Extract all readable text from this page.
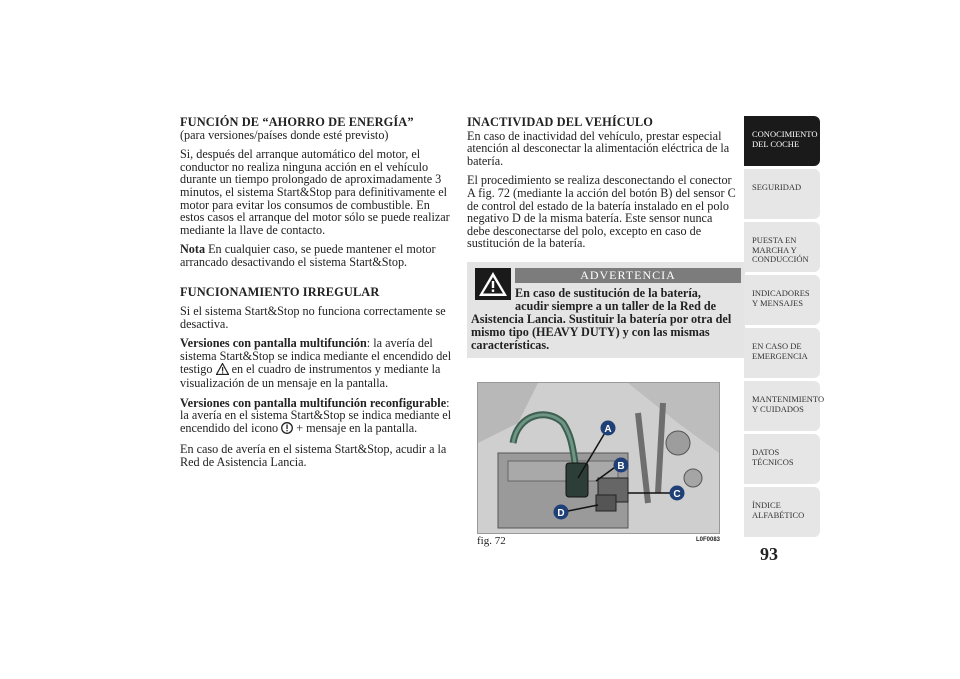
FUNCIÓN DE “AHORRO DE ENERGÍA”

(para versiones/países donde esté previsto)

Si, después del arranque automático del motor, el conductor no realiza ninguna acción en el vehículo durante un tiempo prolongado de aproximadamente 3 minutos, el sistema Start&Stop para definitivamente el motor para evitar los consumos de combustible. En estos casos el arranque del motor sólo se puede realizar mediante la llave de contacto.

Nota En cualquier caso, se puede mantener el motor arrancado desactivando el sistema Start&Stop.

FUNCIONAMIENTO IRREGULAR

Si el sistema Start&Stop no funciona correctamente se desactiva.

Versiones con pantalla multifunción: la avería del sistema Start&Stop se indica mediante el encendido del testigo  en el cuadro de instrumentos y mediante la visualización de un mensaje en la pantalla.

Versiones con pantalla multifunción reconfigurable: la avería en el sistema Start&Stop se indica mediante el encendido del icono  + mensaje en la pantalla.

En caso de avería en el sistema Start&Stop, acudir a la Red de Asistencia Lancia.

INACTIVIDAD DEL VEHÍCULO

En caso de inactividad del vehículo, prestar especial atención al desconectar la alimentación eléctrica de la batería.

El procedimiento se realiza desconectando el conector A fig. 72 (mediante la acción del botón B) del sensor C de control del estado de la batería instalado en el polo negativo D de la misma batería. Este sensor nunca debe desconectarse del polo, excepto en caso de sustitución de la batería.

ADVERTENCIA
En caso de sustitución de la batería,
acudir siempre a un taller de la Red de Asistencia Lancia. Sustituir la batería por otra del mismo tipo (HEAVY DUTY) y con las mismas características.
A
B
C
D
fig. 72	L0F0083
CONOCIMIENTO DEL COCHE
SEGURIDAD
PUESTA EN MARCHA Y CONDUCCIÓN
INDICADORES Y MENSAJES
EN CASO DE EMERGENCIA
MANTENIMIENTO Y CUIDADOS
DATOS TÉCNICOS
ÍNDICE ALFABÉTICO
93
